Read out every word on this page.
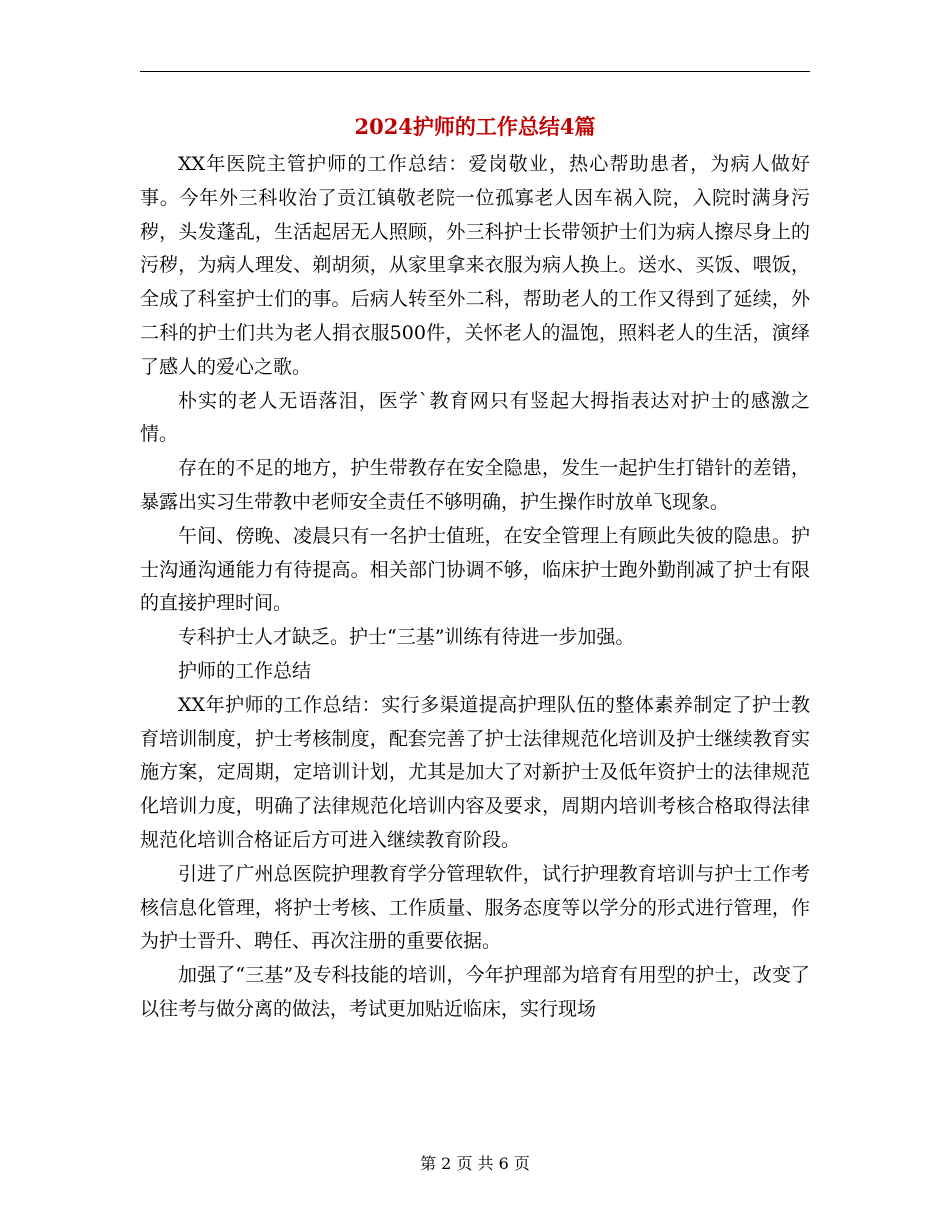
2024护师的工作总结4篇

XX年医院主管护师的工作总结：爱岗敬业，热心帮助患者，为病人做好事。今年外三科收治了贡江镇敬老院一位孤寡老人因车祸入院，入院时满身污秽，头发蓬乱，生活起居无人照顾，外三科护士长带领护士们为病人擦尽身上的污秽，为病人理发、剃胡须，从家里拿来衣服为病人换上。送水、买饭、喂饭，全成了科室护士们的事。后病人转至外二科，帮助老人的工作又得到了延续，外二科的护士们共为老人捐衣服500件，关怀老人的温饱，照料老人的生活，演绎了感人的爱心之歌。

朴实的老人无语落泪，医学`教育网只有竖起大拇指表达对护士的感激之情。

存在的不足的地方，护生带教存在安全隐患，发生一起护生打错针的差错，暴露出实习生带教中老师安全责任不够明确，护生操作时放单飞现象。

午间、傍晚、凌晨只有一名护士值班，在安全管理上有顾此失彼的隐患。护士沟通沟通能力有待提高。相关部门协调不够，临床护士跑外勤削减了护士有限的直接护理时间。

专科护士人才缺乏。护士“三基”训练有待进一步加强。

护师的工作总结

XX年护师的工作总结：实行多渠道提高护理队伍的整体素养制定了护士教育培训制度，护士考核制度，配套完善了护士法律规范化培训及护士继续教育实施方案，定周期，定培训计划，尤其是加大了对新护士及低年资护士的法律规范化培训力度，明确了法律规范化培训内容及要求，周期内培训考核合格取得法律规范化培训合格证后方可进入继续教育阶段。

引进了广州总医院护理教育学分管理软件，试行护理教育培训与护士工作考核信息化管理，将护士考核、工作质量、服务态度等以学分的形式进行管理，作为护士晋升、聘任、再次注册的重要依据。

加强了“三基”及专科技能的培训，今年护理部为培育有用型的护士，改变了以往考与做分离的做法，考试更加贴近临床，实行现场

第 2 页 共 6 页
